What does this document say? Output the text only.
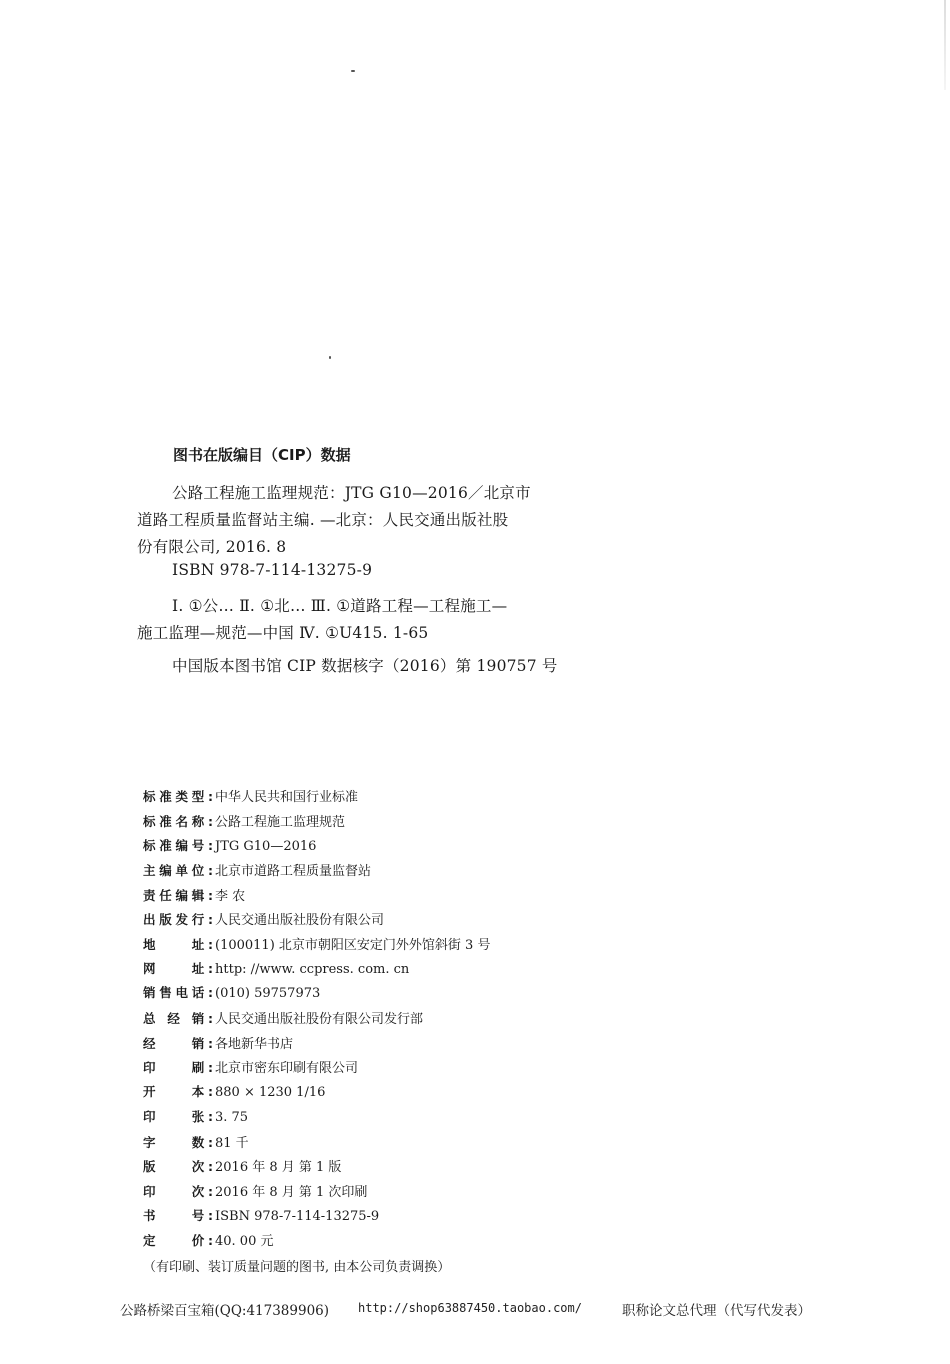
图书在版编目（CIP）数据
公路工程施工监理规范：JTG G10—2016／北京市
道路工程质量监督站主编. —北京：人民交通出版社股
份有限公司, 2016. 8
ISBN 978-7-114-13275-9
Ⅰ. ①公… Ⅱ. ①北… Ⅲ. ①道路工程—工程施工—
施工监理—规范—中国 Ⅳ. ①U415. 1-65
中国版本图书馆 CIP 数据核字（2016）第 190757 号
标准类型: 中华人民共和国行业标准
标准名称: 公路工程施工监理规范
标准编号: JTG G10—2016
主编单位: 北京市道路工程质量监督站
责任编辑: 李 农
出版发行: 人民交通出版社股份有限公司
地　　址: (100011) 北京市朝阳区安定门外外馆斜街 3 号
网　　址: http: //www. ccpress. com. cn
销售电话: (010) 59757973
总 经 销: 人民交通出版社股份有限公司发行部
经　　销: 各地新华书店
印　　刷: 北京市密东印刷有限公司
开　　本: 880 × 1230 1/16
印　　张: 3. 75
字　　数: 81 千
版　　次: 2016 年 8 月 第 1 版
印　　次: 2016 年 8 月 第 1 次印刷
书　　号: ISBN 978-7-114-13275-9
定　　价: 40. 00 元
（有印刷、装订质量问题的图书, 由本公司负责调换）
公路桥梁百宝箱(QQ:417389906) http://shop63887450.taobao.com/	职称论文总代理（代写代发表）
